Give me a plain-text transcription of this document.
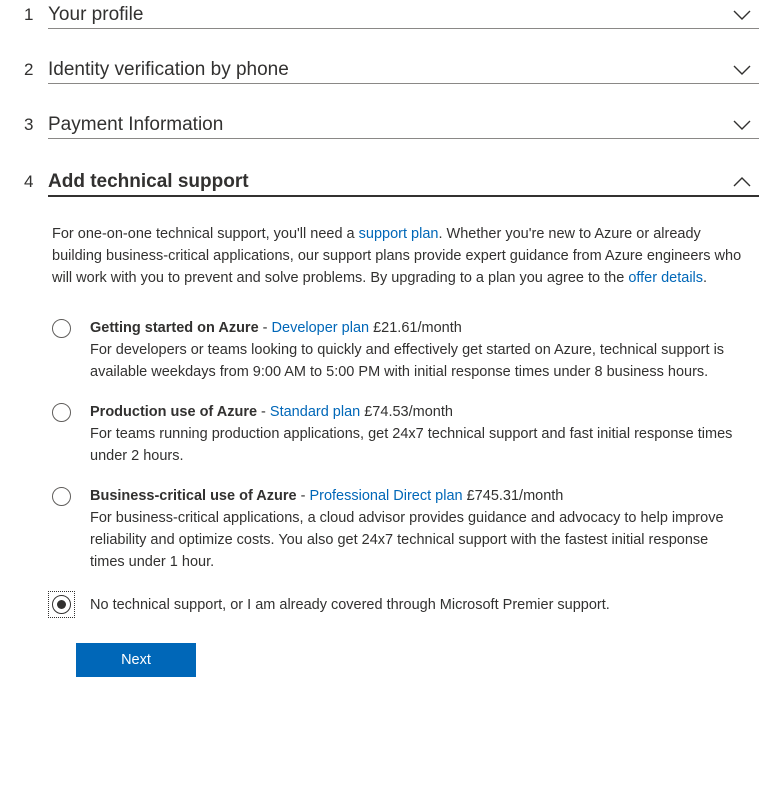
1 Your profile
2 Identity verification by phone
3 Payment Information
4 Add technical support

For one-on-one technical support, you'll need a support plan. Whether you're new to Azure or already building business-critical applications, our support plans provide expert guidance from Azure engineers who will work with you to prevent and solve problems. By upgrading to a plan you agree to the offer details.

Getting started on Azure - Developer plan £21.61/month
For developers or teams looking to quickly and effectively get started on Azure, technical support is available weekdays from 9:00 AM to 5:00 PM with initial response times under 8 business hours.
Production use of Azure - Standard plan £74.53/month
For teams running production applications, get 24x7 technical support and fast initial response times under 2 hours.
Business-critical use of Azure - Professional Direct plan £745.31/month
For business-critical applications, a cloud advisor provides guidance and advocacy to help improve reliability and optimize costs. You also get 24x7 technical support with the fastest initial response times under 1 hour.
No technical support, or I am already covered through Microsoft Premier support.
Next
